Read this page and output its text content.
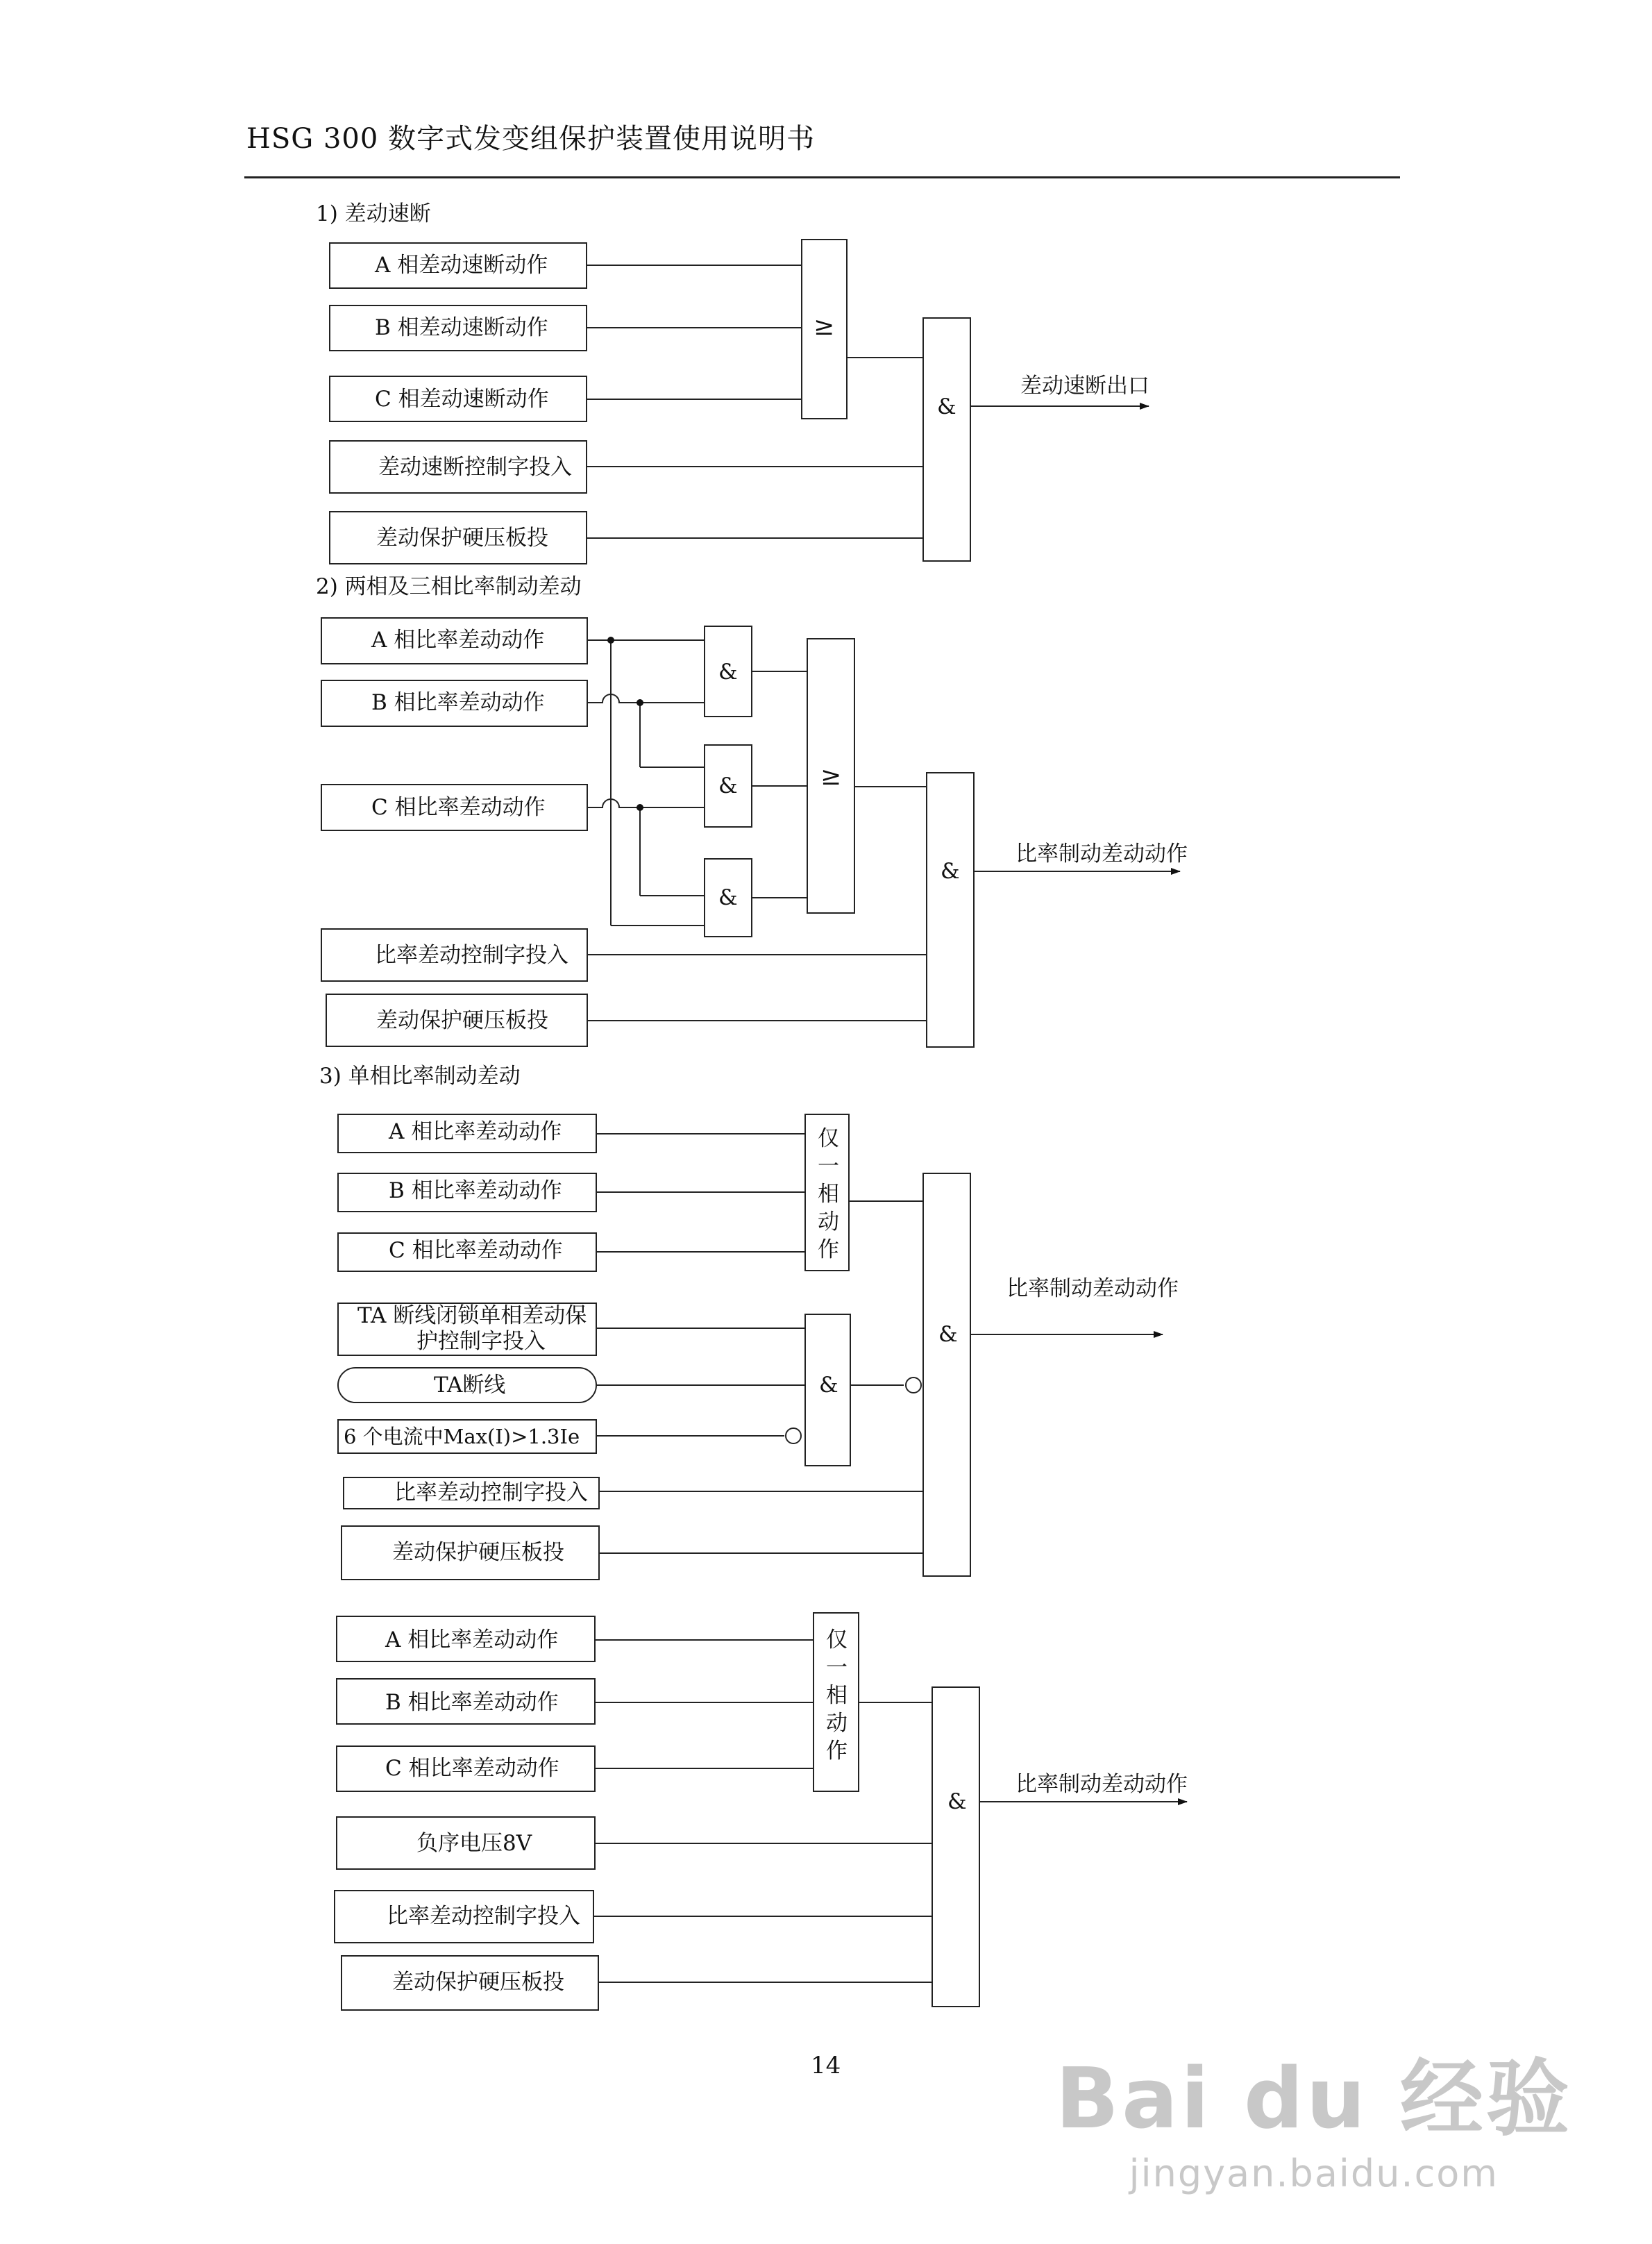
HSG 300 数字式发变组保护装置使用说明书
1) 差动速断
A 相差动速断动作
B 相差动速断动作
C 相差动速断动作
差动速断控制字投入
差动保护硬压板投
≥
&
差动速断出口
2) 两相及三相比率制动差动
A 相比率差动动作
B 相比率差动动作
C 相比率差动动作
比率差动控制字投入
差动保护硬压板投
&
&
&
≥
&
比率制动差动动作
3) 单相比率制动差动
A 相比率差动动作
B 相比率差动动作
C 相比率差动动作
仅
一
相
动
作
TA 断线闭锁单相差动保
护控制字投入
TA断线
6 个电流中Max(I)>1.3Ie
&
比率差动控制字投入
差动保护硬压板投
&
比率制动差动动作
A 相比率差动动作
B 相比率差动动作
C 相比率差动动作
仅
一
相
动
作
负序电压8V
比率差动控制字投入
差动保护硬压板投
&
比率制动差动动作
14	Bai du 经验
jingyan.baidu.com
